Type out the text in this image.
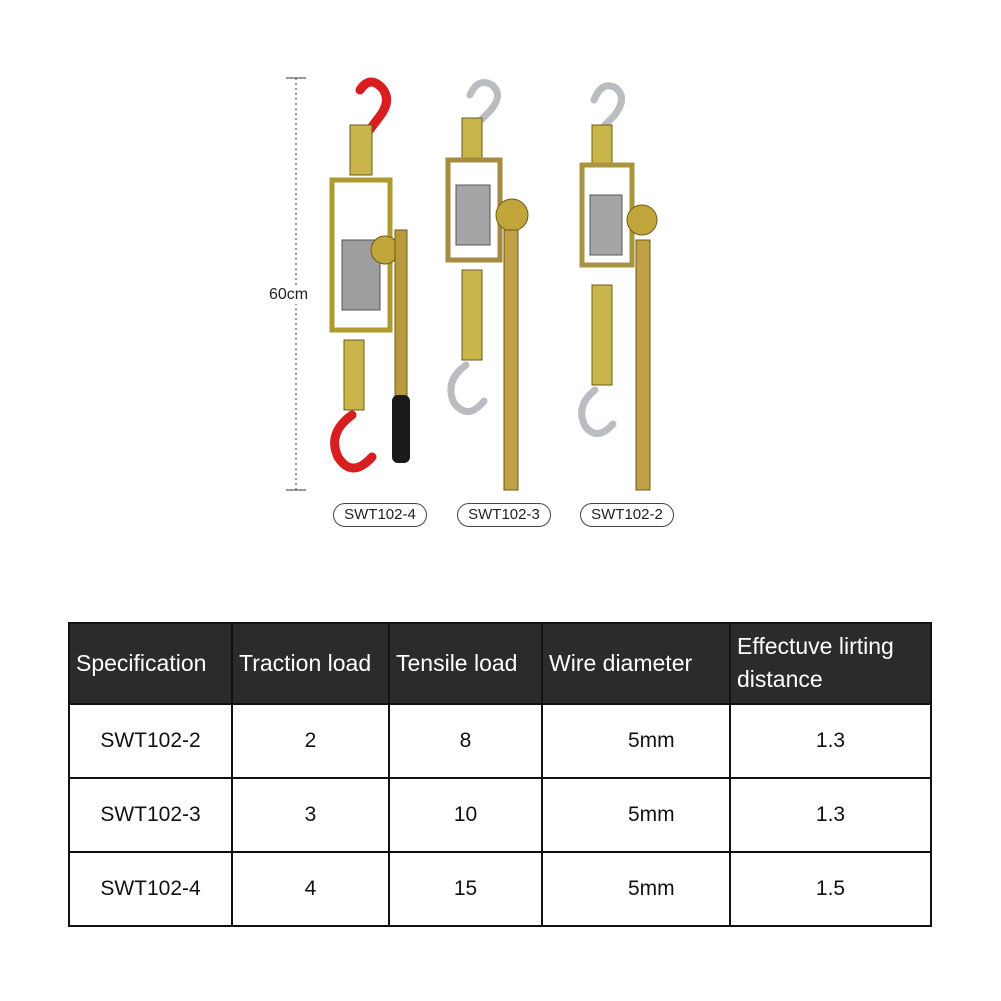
60cm
SWT102-4	SWT102-3	SWT102-2
Specification	Traction load	Tensile load	Wire diameter	Effectuve lirting distance
SWT102-2	2	8	5mm	1.3
SWT102-3	3	10	5mm	1.3
SWT102-4	4	15	5mm	1.5
